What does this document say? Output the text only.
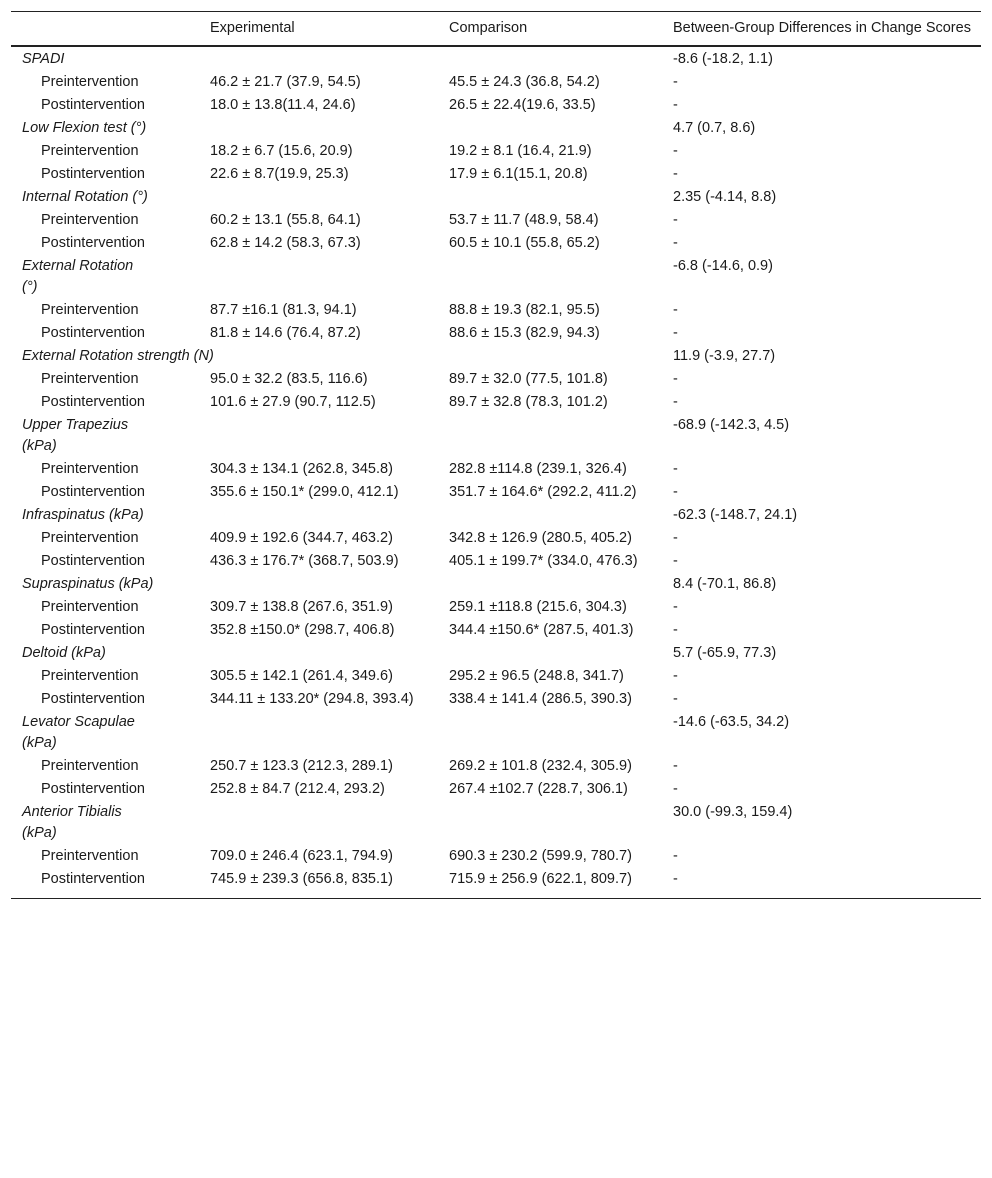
	Experimental	Comparison	Between-Group Differences in Change Scores
SPADI			-8.6 (-18.2, 1.1)
Preintervention	46.2 ± 21.7 (37.9, 54.5)	45.5 ± 24.3 (36.8, 54.2)	-
Postintervention	18.0 ± 13.8(11.4, 24.6)	26.5 ± 22.4(19.6, 33.5)	-
Low Flexion test (°)			4.7 (0.7, 8.6)
Preintervention	18.2 ± 6.7 (15.6, 20.9)	19.2 ± 8.1 (16.4, 21.9)	-
Postintervention	22.6 ± 8.7(19.9, 25.3)	17.9 ± 6.1(15.1, 20.8)	-
Internal Rotation (°)			2.35 (-4.14, 8.8)
Preintervention	60.2 ± 13.1 (55.8, 64.1)	53.7 ± 11.7 (48.9, 58.4)	-
Postintervention	62.8 ± 14.2 (58.3, 67.3)	60.5 ± 10.1 (55.8, 65.2)	-
External Rotation (°)			-6.8 (-14.6, 0.9)
Preintervention	87.7 ±16.1 (81.3, 94.1)	88.8 ± 19.3 (82.1, 95.5)	-
Postintervention	81.8 ± 14.6 (76.4, 87.2)	88.6 ± 15.3 (82.9, 94.3)	-
External Rotation strength (N)			11.9 (-3.9, 27.7)
Preintervention	95.0 ± 32.2 (83.5, 116.6)	89.7 ± 32.0 (77.5, 101.8)	-
Postintervention	101.6 ± 27.9 (90.7, 112.5)	89.7 ± 32.8 (78.3, 101.2)	-
Upper Trapezius (kPa)			-68.9 (-142.3, 4.5)
Preintervention	304.3 ± 134.1 (262.8, 345.8)	282.8 ±114.8 (239.1, 326.4)	-
Postintervention	355.6 ± 150.1* (299.0, 412.1)	351.7 ± 164.6* (292.2, 411.2)	-
Infraspinatus (kPa)			-62.3 (-148.7, 24.1)
Preintervention	409.9 ± 192.6 (344.7, 463.2)	342.8 ± 126.9 (280.5, 405.2)	-
Postintervention	436.3 ± 176.7* (368.7, 503.9)	405.1 ± 199.7* (334.0, 476.3)	-
Supraspinatus (kPa)			8.4 (-70.1, 86.8)
Preintervention	309.7 ± 138.8 (267.6, 351.9)	259.1 ±118.8 (215.6, 304.3)	-
Postintervention	352.8 ±150.0* (298.7, 406.8)	344.4 ±150.6* (287.5, 401.3)	-
Deltoid (kPa)			5.7 (-65.9, 77.3)
Preintervention	305.5 ± 142.1 (261.4, 349.6)	295.2 ± 96.5 (248.8, 341.7)	-
Postintervention	344.11 ± 133.20* (294.8, 393.4)	338.4 ± 141.4 (286.5, 390.3)	-
Levator Scapulae (kPa)			-14.6 (-63.5, 34.2)
Preintervention	250.7 ± 123.3 (212.3, 289.1)	269.2 ± 101.8 (232.4, 305.9)	-
Postintervention	252.8 ± 84.7 (212.4, 293.2)	267.4 ±102.7 (228.7, 306.1)	-
Anterior Tibialis (kPa)			30.0 (-99.3, 159.4)
Preintervention	709.0 ± 246.4 (623.1, 794.9)	690.3 ± 230.2 (599.9, 780.7)	-
Postintervention	745.9 ± 239.3 (656.8, 835.1)	715.9 ± 256.9 (622.1, 809.7)	-
